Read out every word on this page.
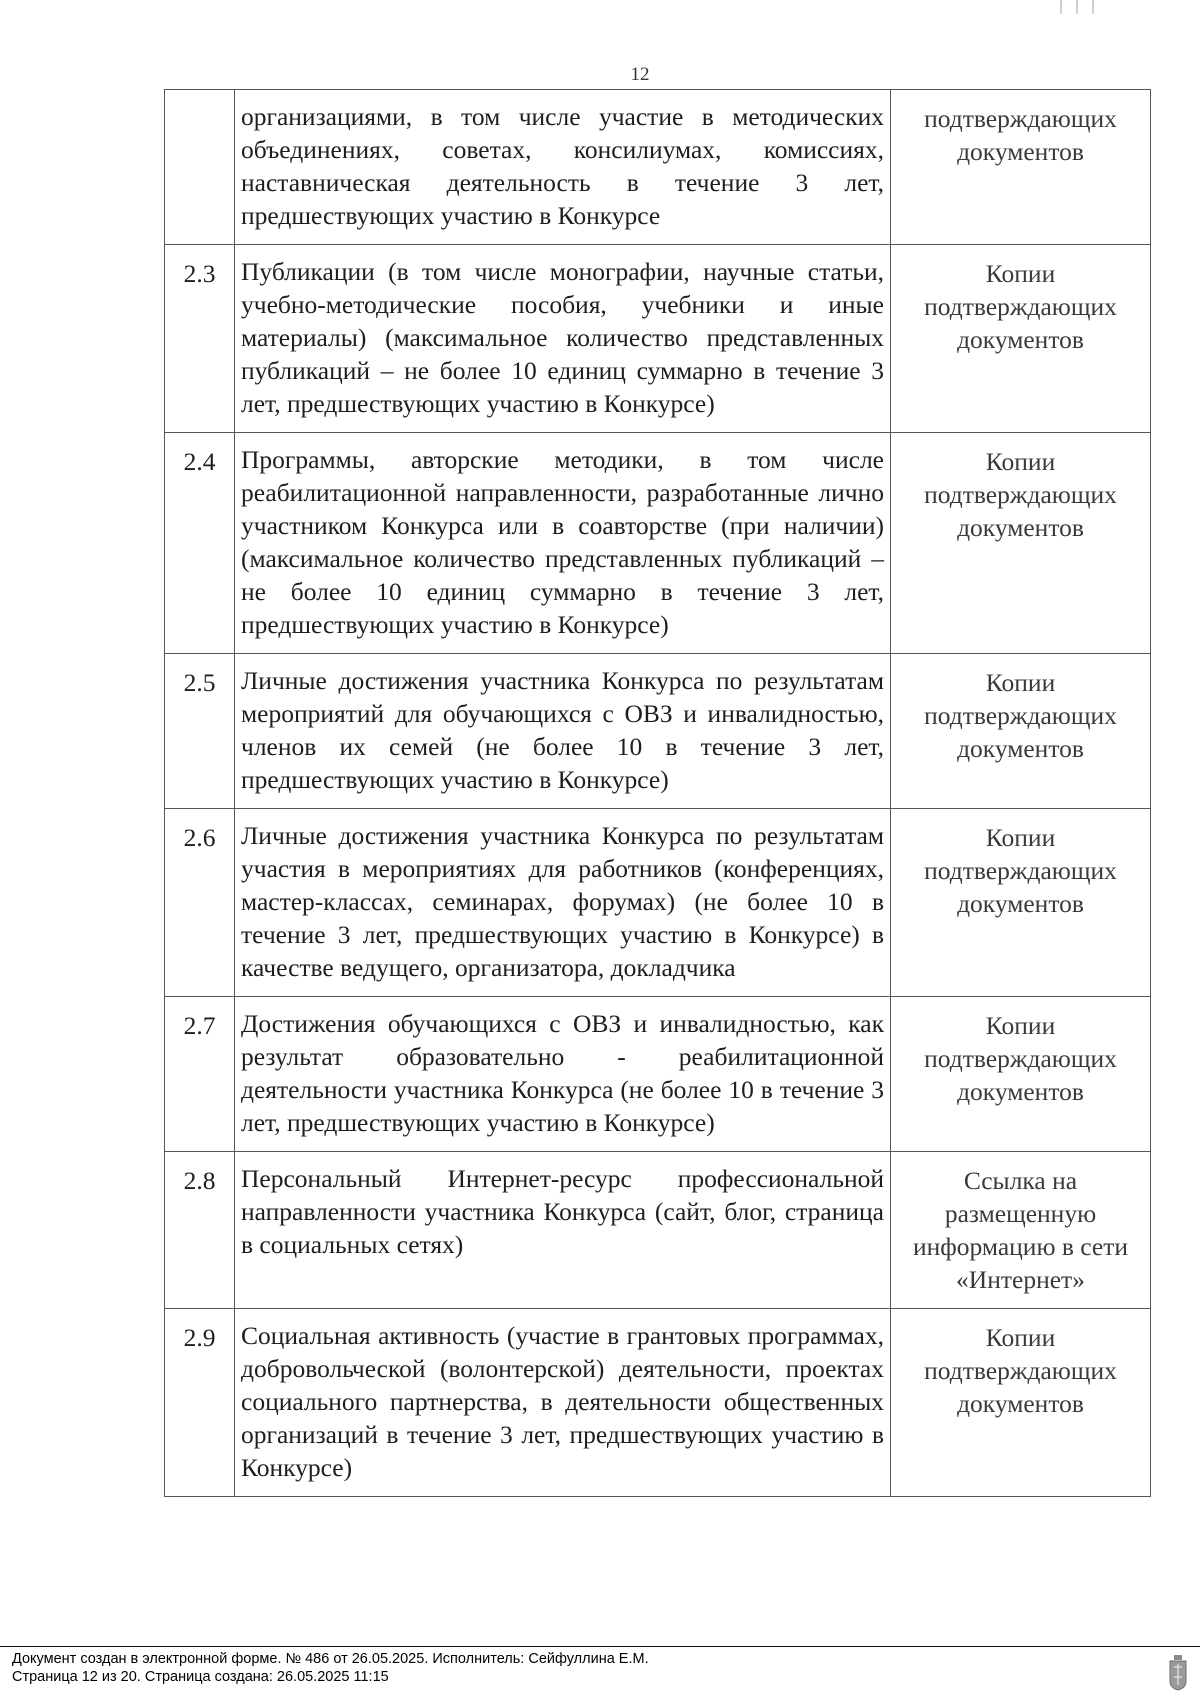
12
	организациями, в том числе участие в методических объединениях, советах, консилиумах, комиссиях, наставническая деятельность в течение 3 лет, предшествующих участию в Конкурсе	подтверждающих документов
2.3	Публикации (в том числе монографии, научные статьи, учебно-методические пособия, учебники и иные материалы) (максимальное количество представленных публикаций – не более 10 единиц суммарно в течение 3 лет, предшествующих участию в Конкурсе)	Копии подтверждающих документов
2.4	Программы, авторские методики, в том числе реабилитационной направленности, разработанные лично участником Конкурса или в соавторстве (при наличии) (максимальное количество представленных публикаций – не более 10 единиц суммарно в течение 3 лет, предшествующих участию в Конкурсе)	Копии подтверждающих документов
2.5	Личные достижения участника Конкурса по результатам мероприятий для обучающихся с ОВЗ и инвалидностью, членов их семей (не более 10 в течение 3 лет, предшествующих участию в Конкурсе)	Копии подтверждающих документов
2.6	Личные достижения участника Конкурса по результатам участия в мероприятиях для работников (конференциях, мастер-классах, семинарах, форумах) (не более 10 в течение 3 лет, предшествующих участию в Конкурсе) в качестве ведущего, организатора, докладчика	Копии подтверждающих документов
2.7	Достижения обучающихся с ОВЗ и инвалидностью, как результат образовательно - реабилитационной деятельности участника Конкурса (не более 10 в течение 3 лет, предшествующих участию в Конкурсе)	Копии подтверждающих документов
2.8	Персональный Интернет-ресурс профессиональной направленности участника Конкурса (сайт, блог, страница в социальных сетях)	Ссылка на размещенную информацию в сети «Интернет»
2.9	Социальная активность (участие в грантовых программах, добровольческой (волонтерской) деятельности, проектах социального партнерства, в деятельности общественных организаций в течение 3 лет, предшествующих участию в Конкурсе)	Копии подтверждающих документов
Документ создан в электронной форме. № 486 от 26.05.2025. Исполнитель: Сейфуллина Е.М.
Страница 12 из 20. Страница создана: 26.05.2025 11:15
